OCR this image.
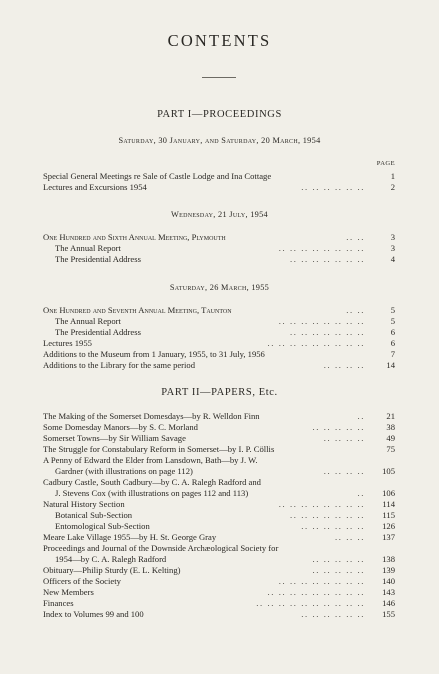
CONTENTS
PART I—PROCEEDINGS
Saturday, 30 January, and Saturday, 20 March, 1954
PAGE
Special General Meetings re Sale of Castle Lodge and Ina Cottage	1
Lectures and Excursions 1954	.. .. .. .. .. ..	2
Wednesday, 21 July, 1954
One Hundred and Sixth Annual Meeting, Plymouth	.. ..	3
The Annual Report	.. .. .. .. .. .. .. ..	3
The Presidential Address	.. .. .. .. .. .. ..	4
Saturday, 26 March, 1955
One Hundred and Seventh Annual Meeting, Taunton	.. ..	5
The Annual Report	.. .. .. .. .. .. .. ..	5
The Presidential Address	.. .. .. .. .. .. ..	6
Lectures 1955	.. .. .. .. .. .. .. .. ..	6
Additions to the Museum from 1 January, 1955, to 31 July, 1956	7
Additions to the Library for the same period	.. .. .. ..	14
PART II—PAPERS, Etc.
The Making of the Somerset Domesdays—by R. Welldon Finn	..	21
Some Domesday Manors—by S. C. Morland	.. .. .. .. ..	38
Somerset Towns—by Sir William Savage	.. .. .. ..	49
The Struggle for Constabulary Reform in Somerset—by I. P. Cöllis	75
A Penny of Edward the Elder from Lansdown, Bath—by J. W.
Gardner (with illustrations on page 112)	.. .. .. ..	105
Cadbury Castle, South Cadbury—by C. A. Ralegh Radford and
J. Stevens Cox (with illustrations on pages 112 and 113)	..	106
Natural History Section	.. .. .. .. .. .. .. ..	114
Botanical Sub-Section	.. .. .. .. .. .. ..	115
Entomological Sub-Section	.. .. .. .. .. ..	126
Meare Lake Village 1955—by H. St. George Gray	.. .. ..	137
Proceedings and Journal of the Downside Archæological Society for
1954—by C. A. Ralegh Radford	.. .. .. .. ..	138
Obituary—Philip Sturdy (E. L. Kelting)	.. .. .. .. ..	139
Officers of the Society	.. .. .. .. .. .. .. ..	140
New Members	.. .. .. .. .. .. .. .. ..	143
Finances	.. .. .. .. .. .. .. .. .. ..	146
Index to Volumes 99 and 100	.. .. .. .. .. ..	155
